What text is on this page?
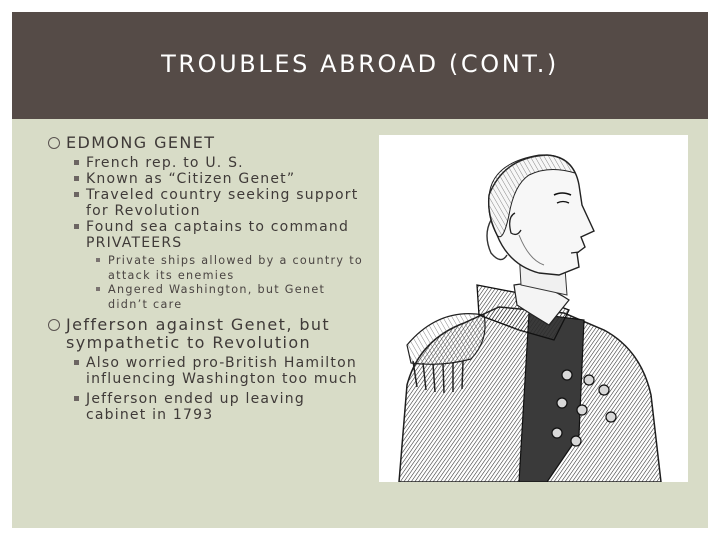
TROUBLES ABROAD (CONT.)
EDMONG GENET
French rep. to U. S.
Known as “Citizen Genet”
Traveled country seeking support for Revolution
Found sea captains to command PRIVATEERS
Private ships allowed by a country to attack its enemies
Angered Washington, but Genet didn’t care
Jefferson against Genet, but sympathetic to Revolution
Also worried pro-British Hamilton influencing Washington too much
Jefferson ended up leaving cabinet in 1793
